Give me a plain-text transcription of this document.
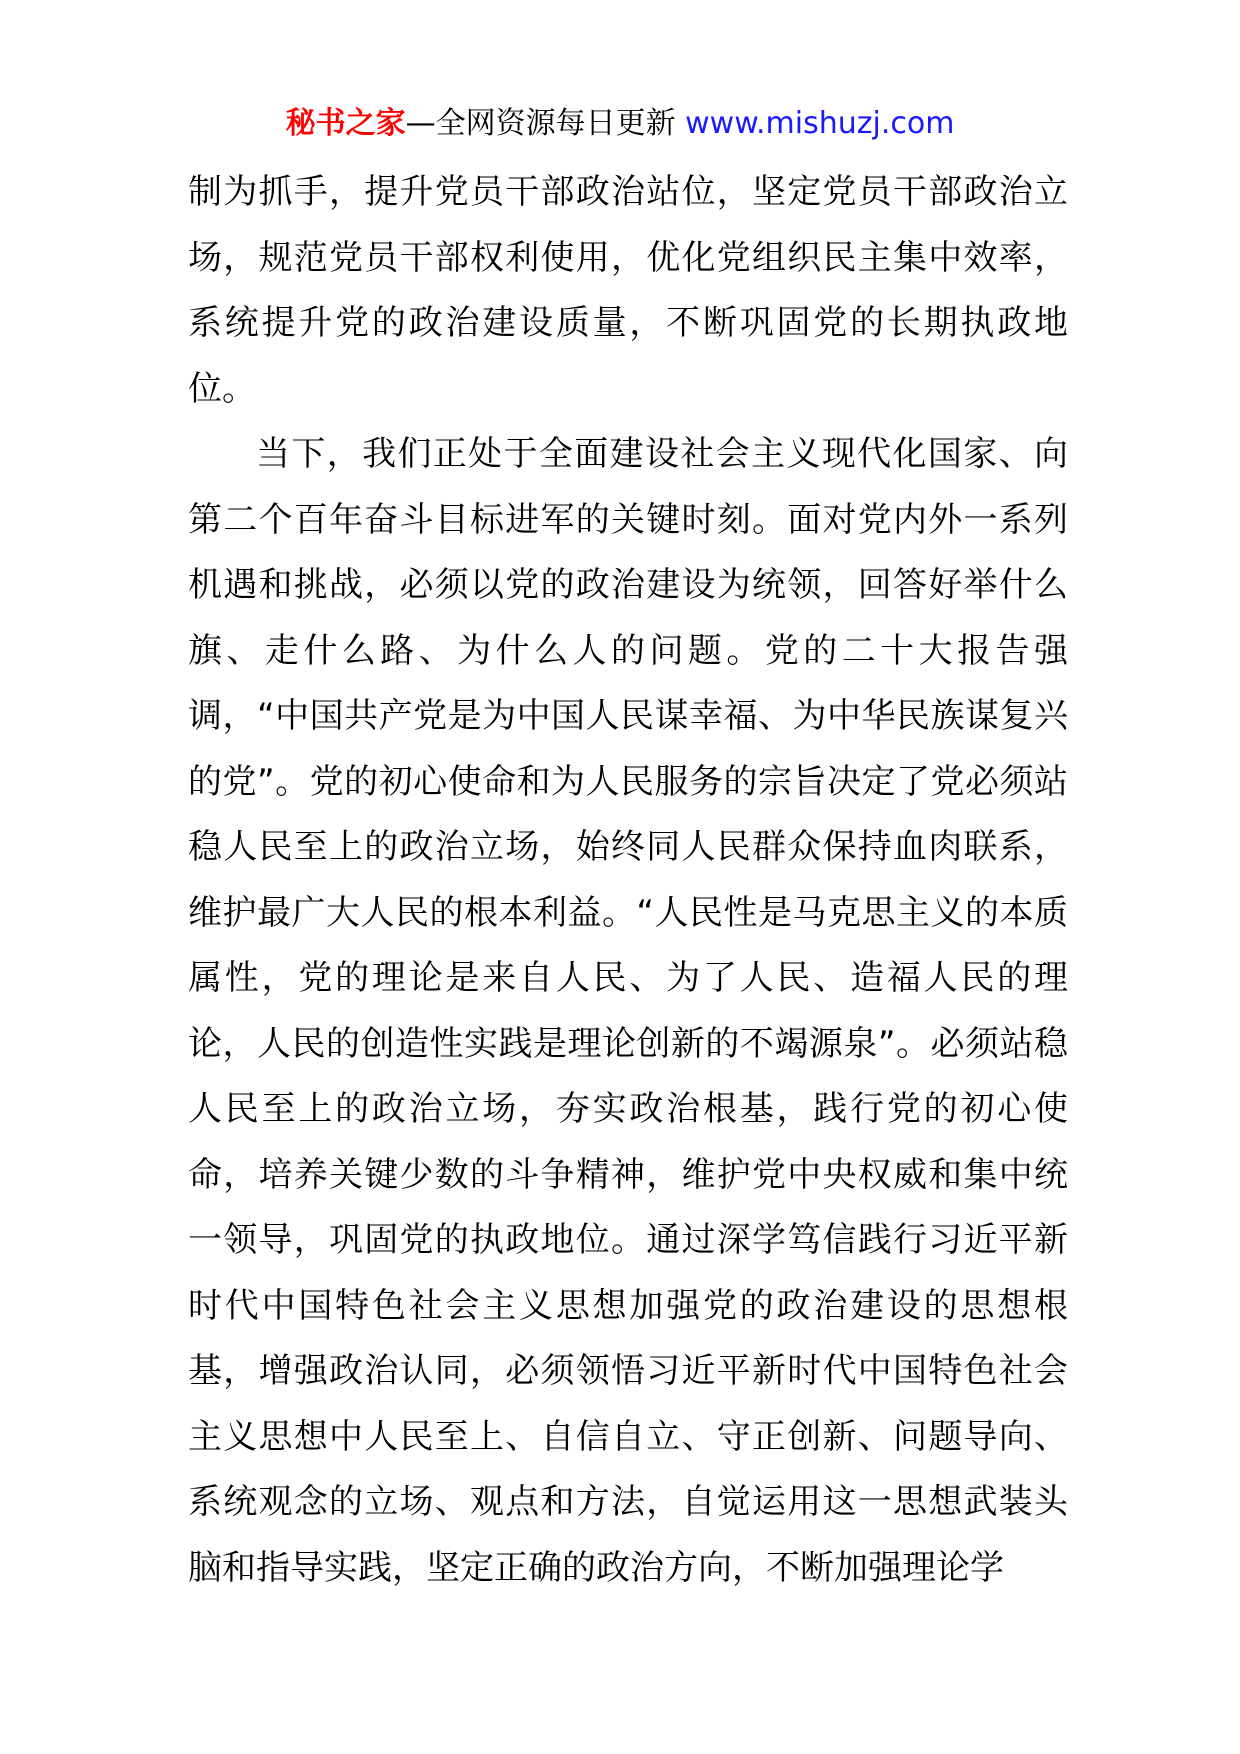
秘书之家—全网资源每日更新 www.mishuzj.com

制为抓手，提升党员干部政治站位，坚定党员干部政治立场，规范党员干部权利使用，优化党组织民主集中效率，系统提升党的政治建设质量，不断巩固党的长期执政地位。

当下，我们正处于全面建设社会主义现代化国家、向第二个百年奋斗目标进军的关键时刻。面对党内外一系列机遇和挑战，必须以党的政治建设为统领，回答好举什么旗、走什么路、为什么人的问题。党的二十大报告强调，“中国共产党是为中国人民谋幸福、为中华民族谋复兴的党”。党的初心使命和为人民服务的宗旨决定了党必须站稳人民至上的政治立场，始终同人民群众保持血肉联系，维护最广大人民的根本利益。“人民性是马克思主义的本质属性，党的理论是来自人民、为了人民、造福人民的理论，人民的创造性实践是理论创新的不竭源泉”。必须站稳人民至上的政治立场，夯实政治根基，践行党的初心使命，培养关键少数的斗争精神，维护党中央权威和集中统一领导，巩固党的执政地位。通过深学笃信践行习近平新时代中国特色社会主义思想加强党的政治建设的思想根基，增强政治认同，必须领悟习近平新时代中国特色社会主义思想中人民至上、自信自立、守正创新、问题导向、系统观念的立场、观点和方法，自觉运用这一思想武装头脑和指导实践，坚定正确的政治方向，不断加强理论学
